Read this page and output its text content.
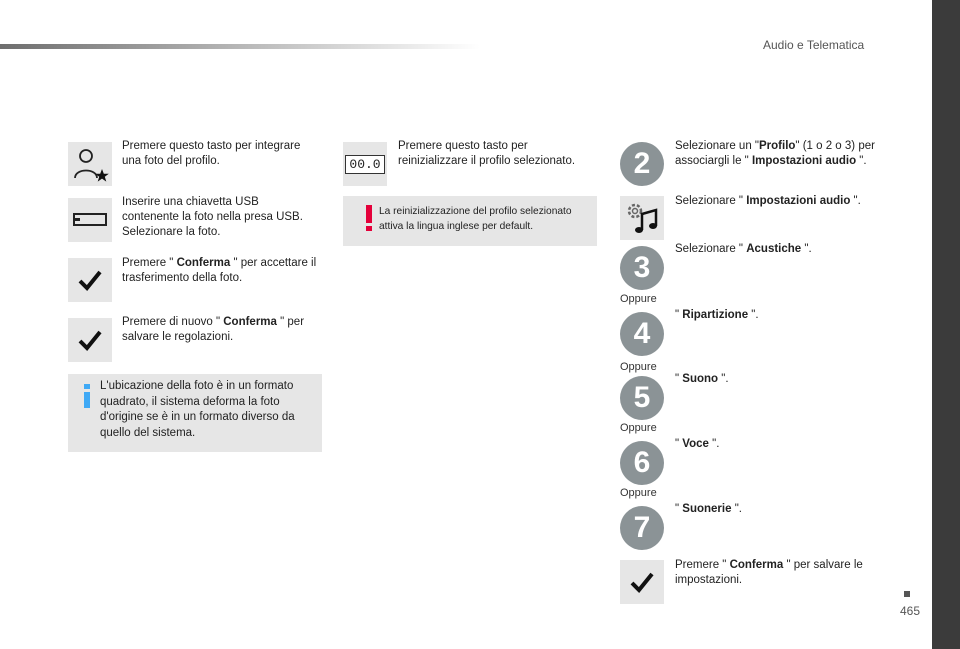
Audio e Telematica
Premere questo tasto per integrare una foto del profilo.
Inserire una chiavetta USB contenente la foto nella presa USB. Selezionare la foto.
Premere " Conferma " per accettare il trasferimento della foto.
Premere di nuovo " Conferma " per salvare le regolazioni.
L'ubicazione della foto è in un formato quadrato, il sistema deforma la foto d'origine se è in un formato diverso da quello del sistema.
00.0
Premere questo tasto per reinizializzare il profilo selezionato.
La reinizializzazione del profilo selezionato attiva la lingua inglese per default.
2
Selezionare un "Profilo" (1 o 2 o 3) per associargli le " Impostazioni audio ".
Selezionare " Impostazioni audio ".
3
Selezionare " Acustiche ".
Oppure
4
" Ripartizione ".
Oppure
5
" Suono ".
Oppure
6
" Voce ".
Oppure
7
" Suonerie ".
Premere " Conferma " per salvare le impostazioni.
465
